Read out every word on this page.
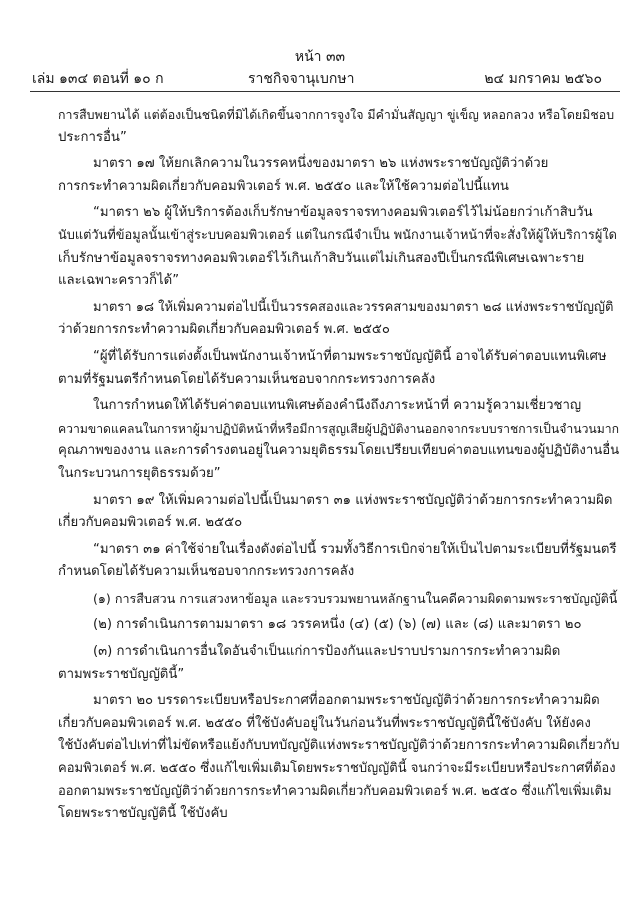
หน้า ๓๓
เล่ม ๑๓๔ ตอนที่ ๑๐ ก	ราชกิจจานุเบกษา	๒๔ มกราคม ๒๕๖๐

การสืบพยานได้ แต่ต้องเป็นชนิดที่มิได้เกิดขึ้นจากการจูงใจ มีคำมั่นสัญญา ขู่เข็ญ หลอกลวง หรือโดยมิชอบ

ประการอื่น”

มาตรา ๑๗ ให้ยกเลิกความในวรรคหนึ่งของมาตรา ๒๖ แห่งพระราชบัญญัติว่าด้วย

การกระทำความผิดเกี่ยวกับคอมพิวเตอร์ พ.ศ. ๒๕๕๐ และให้ใช้ความต่อไปนี้แทน

“มาตรา ๒๖ ผู้ให้บริการต้องเก็บรักษาข้อมูลจราจรทางคอมพิวเตอร์ไว้ไม่น้อยกว่าเก้าสิบวัน

นับแต่วันที่ข้อมูลนั้นเข้าสู่ระบบคอมพิวเตอร์ แต่ในกรณีจำเป็น พนักงานเจ้าหน้าที่จะสั่งให้ผู้ให้บริการผู้ใด

เก็บรักษาข้อมูลจราจรทางคอมพิวเตอร์ไว้เกินเก้าสิบวันแต่ไม่เกินสองปีเป็นกรณีพิเศษเฉพาะราย

และเฉพาะคราวก็ได้”

มาตรา ๑๘ ให้เพิ่มความต่อไปนี้เป็นวรรคสองและวรรคสามของมาตรา ๒๘ แห่งพระราชบัญญัติ

ว่าด้วยการกระทำความผิดเกี่ยวกับคอมพิวเตอร์ พ.ศ. ๒๕๕๐

“ผู้ที่ได้รับการแต่งตั้งเป็นพนักงานเจ้าหน้าที่ตามพระราชบัญญัตินี้ อาจได้รับค่าตอบแทนพิเศษ

ตามที่รัฐมนตรีกำหนดโดยได้รับความเห็นชอบจากกระทรวงการคลัง

ในการกำหนดให้ได้รับค่าตอบแทนพิเศษต้องคำนึงถึงภาระหน้าที่ ความรู้ความเชี่ยวชาญ

ความขาดแคลนในการหาผู้มาปฏิบัติหน้าที่หรือมีการสูญเสียผู้ปฏิบัติงานออกจากระบบราชการเป็นจำนวนมาก

คุณภาพของงาน และการดำรงตนอยู่ในความยุติธรรมโดยเปรียบเทียบค่าตอบแทนของผู้ปฏิบัติงานอื่น

ในกระบวนการยุติธรรมด้วย”

มาตรา ๑๙ ให้เพิ่มความต่อไปนี้เป็นมาตรา ๓๑ แห่งพระราชบัญญัติว่าด้วยการกระทำความผิด

เกี่ยวกับคอมพิวเตอร์ พ.ศ. ๒๕๕๐

“มาตรา ๓๑ ค่าใช้จ่ายในเรื่องดังต่อไปนี้ รวมทั้งวิธีการเบิกจ่ายให้เป็นไปตามระเบียบที่รัฐมนตรี

กำหนดโดยได้รับความเห็นชอบจากกระทรวงการคลัง

(๑) การสืบสวน การแสวงหาข้อมูล และรวบรวมพยานหลักฐานในคดีความผิดตามพระราชบัญญัตินี้

(๒) การดำเนินการตามมาตรา ๑๘ วรรคหนึ่ง (๔) (๕) (๖) (๗) และ (๘) และมาตรา ๒๐

(๓) การดำเนินการอื่นใดอันจำเป็นแก่การป้องกันและปราบปรามการกระทำความผิด

ตามพระราชบัญญัตินี้”

มาตรา ๒๐ บรรดาระเบียบหรือประกาศที่ออกตามพระราชบัญญัติว่าด้วยการกระทำความผิด

เกี่ยวกับคอมพิวเตอร์ พ.ศ. ๒๕๕๐ ที่ใช้บังคับอยู่ในวันก่อนวันที่พระราชบัญญัตินี้ใช้บังคับ ให้ยังคง

ใช้บังคับต่อไปเท่าที่ไม่ขัดหรือแย้งกับบทบัญญัติแห่งพระราชบัญญัติว่าด้วยการกระทำความผิดเกี่ยวกับ

คอมพิวเตอร์ พ.ศ. ๒๕๕๐ ซึ่งแก้ไขเพิ่มเติมโดยพระราชบัญญัตินี้ จนกว่าจะมีระเบียบหรือประกาศที่ต้อง

ออกตามพระราชบัญญัติว่าด้วยการกระทำความผิดเกี่ยวกับคอมพิวเตอร์ พ.ศ. ๒๕๕๐ ซึ่งแก้ไขเพิ่มเติม

โดยพระราชบัญญัตินี้ ใช้บังคับ
